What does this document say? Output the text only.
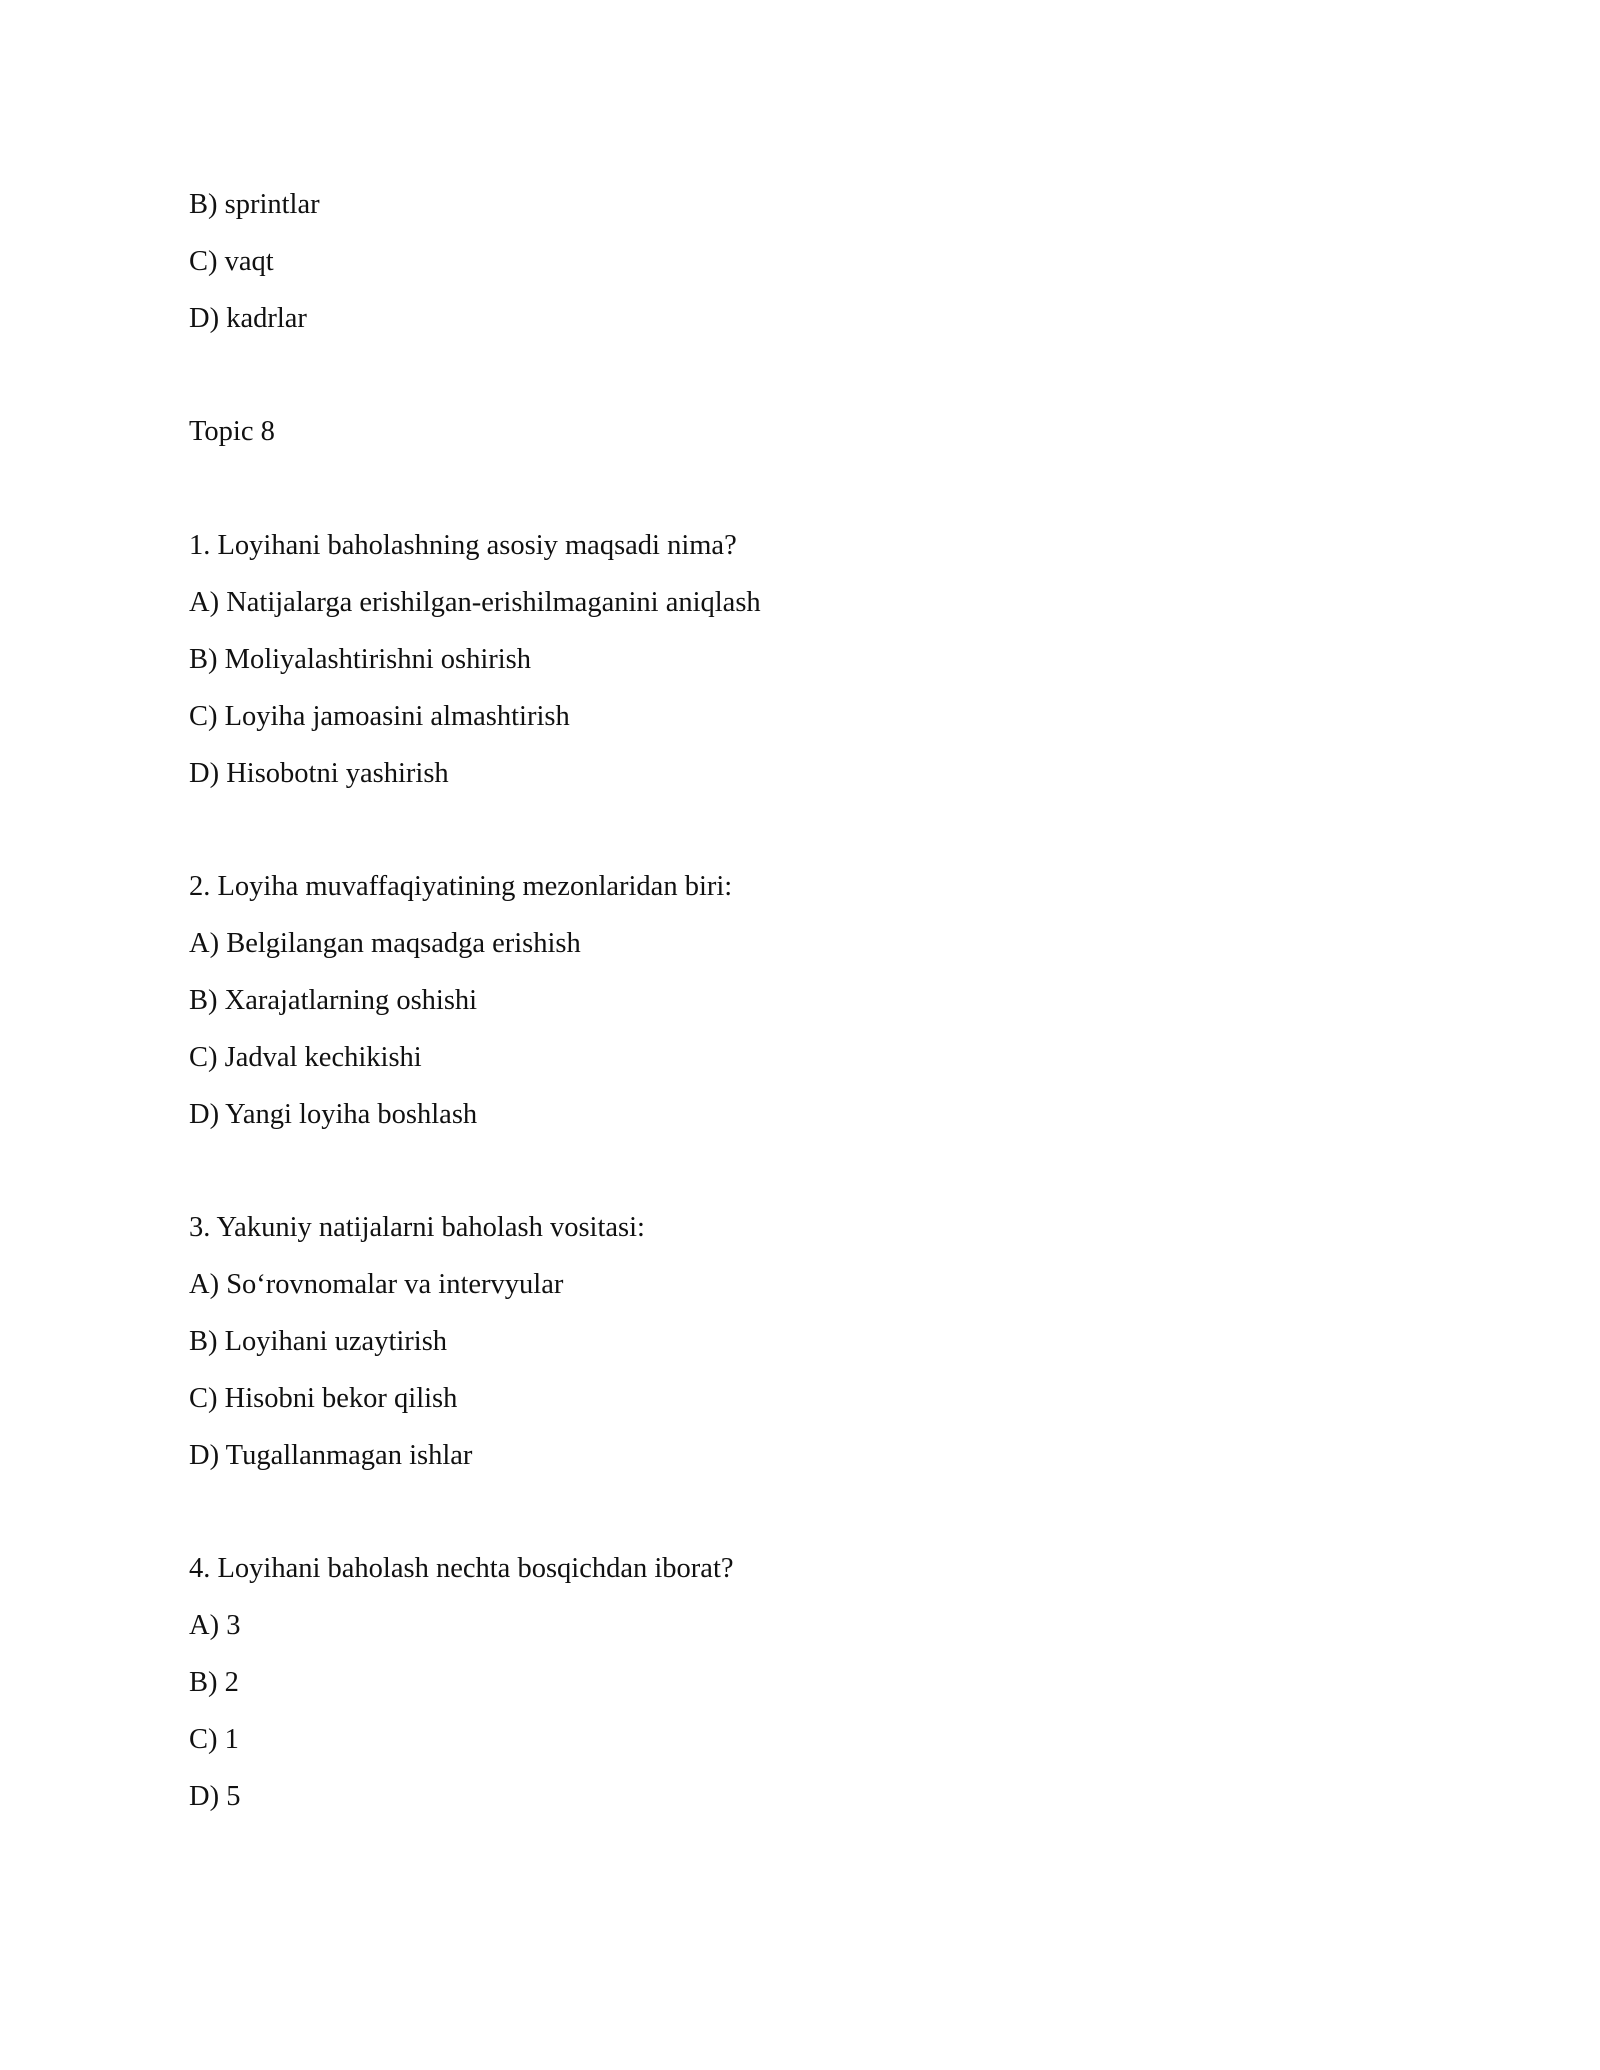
B) sprintlar
C) vaqt
D) kadrlar
Topic 8
1. Loyihani baholashning asosiy maqsadi nima?
A) Natijalarga erishilgan-erishilmaganini aniqlash
B) Moliyalashtirishni oshirish
C) Loyiha jamoasini almashtirish
D) Hisobotni yashirish
2. Loyiha muvaffaqiyatining mezonlaridan biri:
A) Belgilangan maqsadga erishish
B) Xarajatlarning oshishi
C) Jadval kechikishi
D) Yangi loyiha boshlash
3. Yakuniy natijalarni baholash vositasi:
A) So‘rovnomalar va intervyular
B) Loyihani uzaytirish
C) Hisobni bekor qilish
D) Tugallanmagan ishlar
4. Loyihani baholash nechta bosqichdan iborat?
A) 3
B) 2
C) 1
D) 5
